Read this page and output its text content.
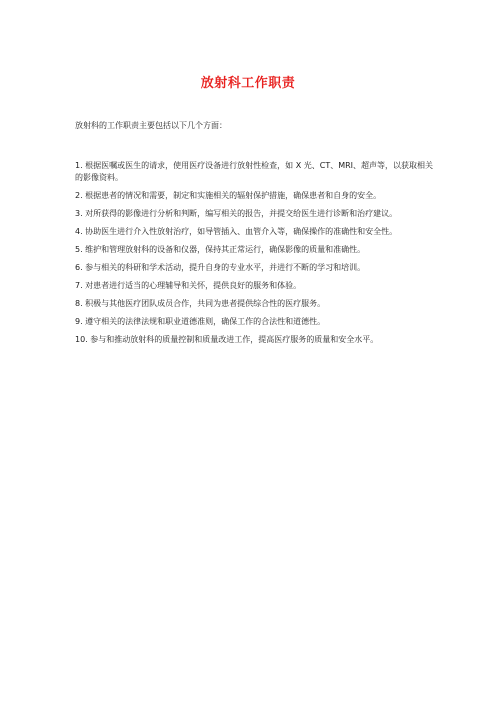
放射科工作职责
放射科的工作职责主要包括以下几个方面：
1. 根据医嘱或医生的请求，使用医疗设备进行放射性检查，如 X 光、CT、MRI、超声等，以获取相关的影像资料。
2. 根据患者的情况和需要，制定和实施相关的辐射保护措施，确保患者和自身的安全。
3. 对所获得的影像进行分析和判断，编写相关的报告，并提交给医生进行诊断和治疗建议。
4. 协助医生进行介入性放射治疗，如导管插入、血管介入等，确保操作的准确性和安全性。
5. 维护和管理放射科的设备和仪器，保持其正常运行，确保影像的质量和准确性。
6. 参与相关的科研和学术活动，提升自身的专业水平，并进行不断的学习和培训。
7. 对患者进行适当的心理辅导和关怀，提供良好的服务和体验。
8. 积极与其他医疗团队成员合作，共同为患者提供综合性的医疗服务。
9. 遵守相关的法律法规和职业道德准则，确保工作的合法性和道德性。
10. 参与和推动放射科的质量控制和质量改进工作，提高医疗服务的质量和安全水平。
